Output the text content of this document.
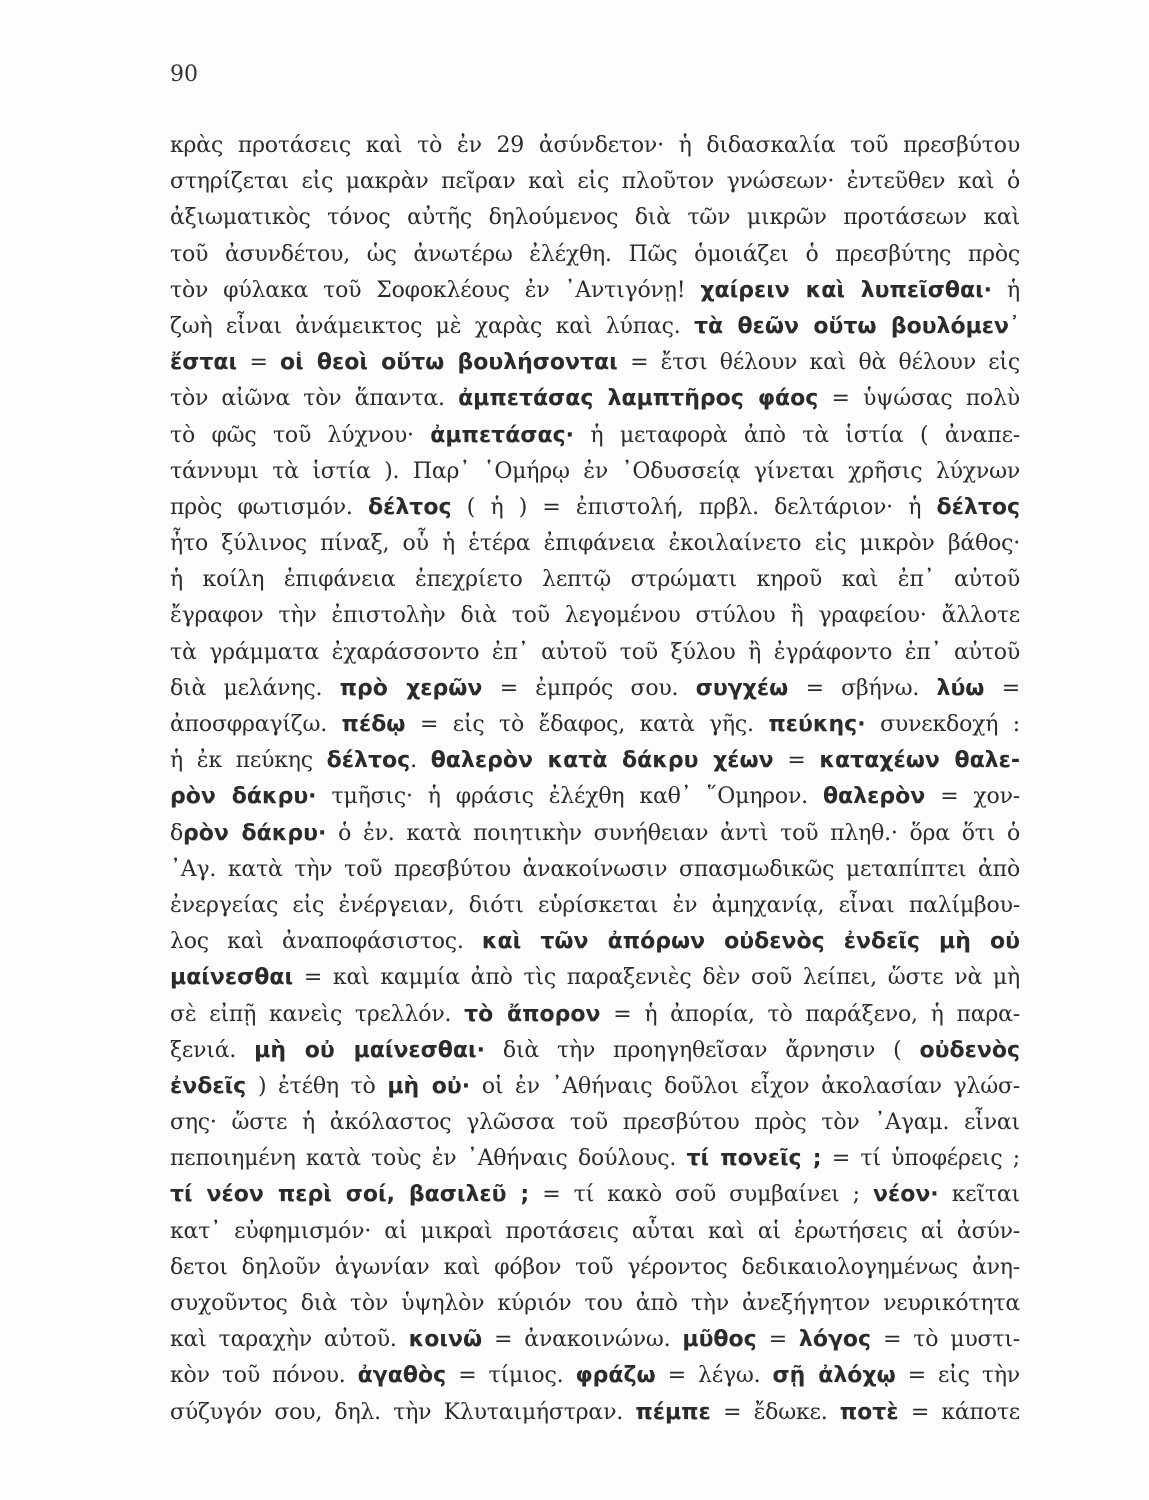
90
κρὰς προτάσεις καὶ τὸ ἐν 29 ἀσύνδετον· ἡ διδασκαλία τοῦ πρεσβύτου
στηρίζεται εἰς μακρὰν πεῖραν καὶ εἰς πλοῦτον γνώσεων· ἐντεῦθεν καὶ ὁ
ἀξιωματικὸς τόνος αὐτῆς δηλούμενος διὰ τῶν μικρῶν προτάσεων καὶ
τοῦ ἀσυνδέτου, ὡς ἀνωτέρω ἐλέχθη. Πῶς ὁμοιάζει ὁ πρεσβύτης πρὸς
τὸν φύλακα τοῦ Σοφοκλέους ἐν ᾿Αντιγόνῃ! χαίρειν καὶ λυπεῖσθαι· ἡ
ζωὴ εἶναι ἀνάμεικτος μὲ χαρὰς καὶ λύπας. τὰ θεῶν οὕτω βουλόμεν᾿
ἔσται = οἱ θεοὶ οὕτω βουλήσονται = ἔτσι θέλουν καὶ θὰ θέλουν εἰς
τὸν αἰῶνα τὸν ἅπαντα. ἀμπετάσας λαμπτῆρος φάος = ὑψώσας πολὺ
τὸ φῶς τοῦ λύχνου· ἀμπετάσας· ἡ μεταφορὰ ἀπὸ τὰ ἱστία ( ἀναπε-
τάννυμι τὰ ἱστία ). Παρ᾿ ῾Ομήρῳ ἐν ᾿Οδυσσείᾳ γίνεται χρῆσις λύχνων
πρὸς φωτισμόν. δέλτος ( ἡ ) = ἐπιστολή, πρβλ. δελτάριον· ἡ δέλτος
ἦτο ξύλινος πίναξ, οὗ ἡ ἑτέρα ἐπιφάνεια ἐκοιλαίνετο εἰς μικρὸν βάθος·
ἡ κοίλη ἐπιφάνεια ἐπεχρίετο λεπτῷ στρώματι κηροῦ καὶ ἐπ᾿ αὐτοῦ
ἔγραφον τὴν ἐπιστολὴν διὰ τοῦ λεγομένου στύλου ἢ γραφείου· ἄλλοτε
τὰ γράμματα ἐχαράσσοντο ἐπ᾿ αὐτοῦ τοῦ ξύλου ἢ ἐγράφοντο ἐπ᾿ αὐτοῦ
διὰ μελάνης. πρὸ χερῶν = ἐμπρός σου. συγχέω = σβήνω. λύω =
ἀποσφραγίζω. πέδῳ = εἰς τὸ ἔδαφος, κατὰ γῆς. πεύκης· συνεκδοχή :
ἡ ἐκ πεύκης δέλτος. θαλερὸν κατὰ δάκρυ χέων = καταχέων θαλε-
ρὸν δάκρυ· τμῆσις· ἡ φράσις ἐλέχθη καθ᾿ ῞Ομηρον. θαλερὸν = χον-
δρὸν δάκρυ· ὁ ἐν. κατὰ ποιητικὴν συνήθειαν ἀντὶ τοῦ πληθ.· ὅρα ὅτι ὁ
᾿Αγ. κατὰ τὴν τοῦ πρεσβύτου ἀνακοίνωσιν σπασμωδικῶς μεταπίπτει ἀπὸ
ἐνεργείας εἰς ἐνέργειαν, διότι εὑρίσκεται ἐν ἀμηχανίᾳ, εἶναι παλίμβου-
λος καὶ ἀναποφάσιστος. καὶ τῶν ἀπόρων οὐδενὸς ἐνδεῖς μὴ οὐ
μαίνεσθαι = καὶ καμμία ἀπὸ τὶς παραξενιὲς δὲν σοῦ λείπει, ὥστε νὰ μὴ
σὲ εἰπῇ κανεὶς τρελλόν. τὸ ἄπορον = ἡ ἀπορία, τὸ παράξενο, ἡ παρα-
ξενιά. μὴ οὐ μαίνεσθαι· διὰ τὴν προηγηθεῖσαν ἄρνησιν ( οὐδενὸς
ἐνδεῖς ) ἐτέθη τὸ μὴ οὐ· οἱ ἐν ᾿Αθήναις δοῦλοι εἶχον ἀκολασίαν γλώσ-
σης· ὥστε ἡ ἀκόλαστος γλῶσσα τοῦ πρεσβύτου πρὸς τὸν ᾿Αγαμ. εἶναι
πεποιημένη κατὰ τοὺς ἐν ᾿Αθήναις δούλους. τί πονεῖς ; = τί ὑποφέρεις ;
τί νέον περὶ σοί, βασιλεῦ ; = τί κακὸ σοῦ συμβαίνει ; νέον· κεῖται
κατ᾿ εὐφημισμόν· αἱ μικραὶ προτάσεις αὗται καὶ αἱ ἐρωτήσεις αἱ ἀσύν-
δετοι δηλοῦν ἀγωνίαν καὶ φόβον τοῦ γέροντος δεδικαιολογημένως ἀνη-
συχοῦντος διὰ τὸν ὑψηλὸν κύριόν του ἀπὸ τὴν ἀνεξήγητον νευρικότητα
καὶ ταραχὴν αὐτοῦ. κοινῶ = ἀνακοινώνω. μῦθος = λόγος = τὸ μυστι-
κὸν τοῦ πόνου. ἀγαθὸς = τίμιος. φράζω = λέγω. σῇ ἀλόχῳ = εἰς τὴν
σύζυγόν σου, δηλ. τὴν Κλυταιμήστραν. πέμπε = ἔδωκε. ποτὲ = κάποτε
